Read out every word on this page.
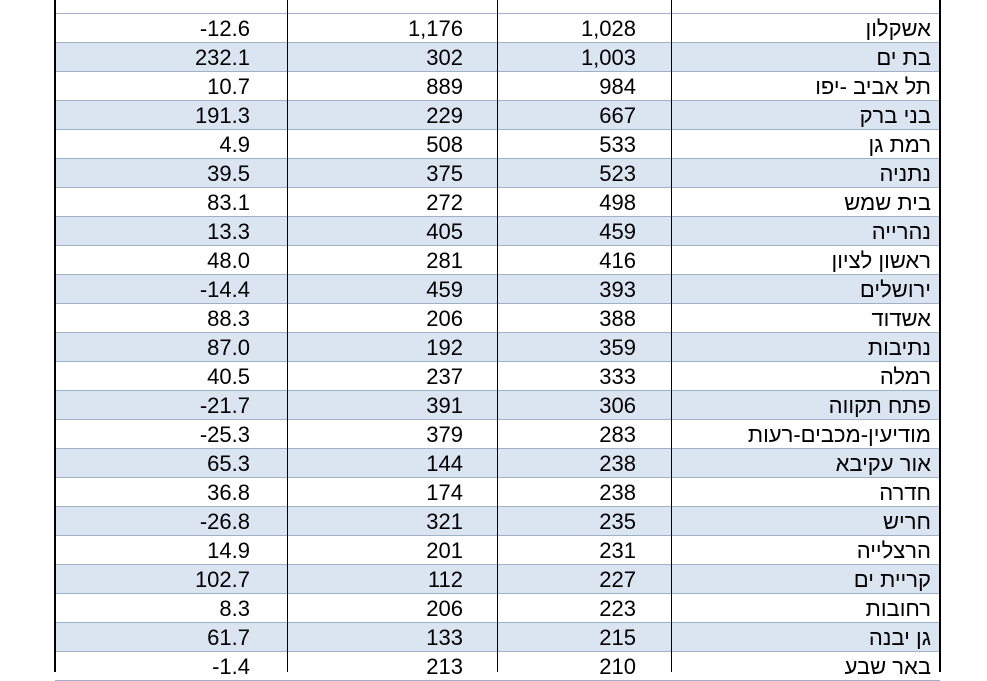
-12.6	1,176	1,028	אשקלון
232.1	302	1,003	בת ים
10.7	889	984	תל אביב -יפו
191.3	229	667	בני ברק
4.9	508	533	רמת גן
39.5	375	523	נתניה
83.1	272	498	בית שמש
13.3	405	459	נהרייה
48.0	281	416	ראשון לציון
-14.4	459	393	ירושלים
88.3	206	388	אשדוד
87.0	192	359	נתיבות
40.5	237	333	רמלה
-21.7	391	306	פתח תקווה
-25.3	379	283	מודיעין-מכבים-רעות
65.3	144	238	אור עקיבא
36.8	174	238	חדרה
-26.8	321	235	חריש
14.9	201	231	הרצלייה
102.7	112	227	קריית ים
8.3	206	223	רחובות
61.7	133	215	גן יבנה
-1.4	213	210	באר שבע
